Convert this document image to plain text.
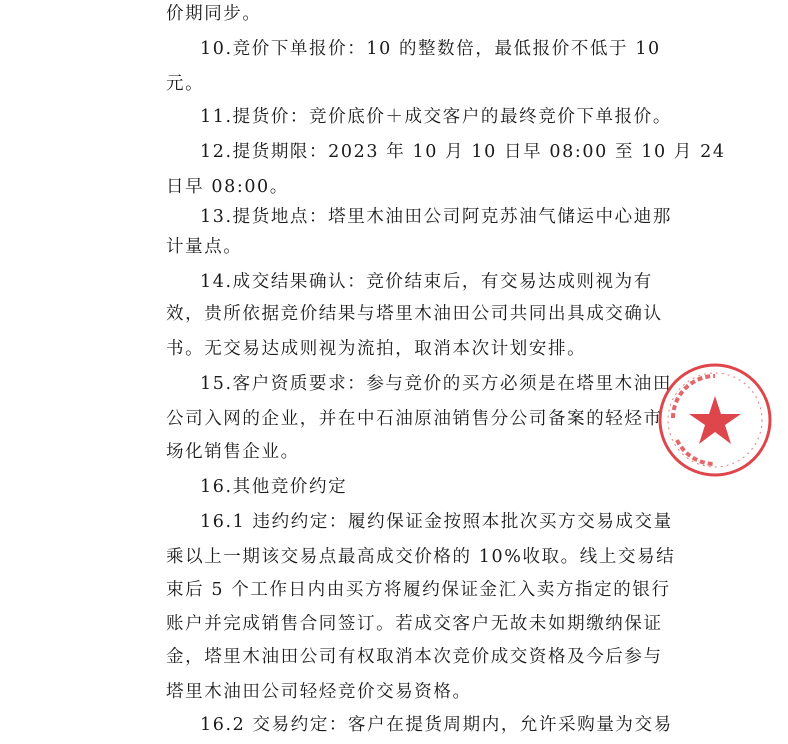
价期同步。
10.竞价下单报价：10 的整数倍，最低报价不低于 10
元。
11.提货价：竞价底价＋成交客户的最终竞价下单报价。
12.提货期限：2023 年 10 月 10 日早 08:00 至 10 月 24
日早 08:00。
13.提货地点：塔里木油田公司阿克苏油气储运中心迪那
计量点。
14.成交结果确认：竞价结束后，有交易达成则视为有
效，贵所依据竞价结果与塔里木油田公司共同出具成交确认
书。无交易达成则视为流拍，取消本次计划安排。
15.客户资质要求：参与竞价的买方必须是在塔里木油田
公司入网的企业，并在中石油原油销售分公司备案的轻烃市
场化销售企业。
16.其他竞价约定
16.1 违约约定：履约保证金按照本批次买方交易成交量
乘以上一期该交易点最高成交价格的 10%收取。线上交易结
束后 5 个工作日内由买方将履约保证金汇入卖方指定的银行
账户并完成销售合同签订。若成交客户无故未如期缴纳保证
金，塔里木油田公司有权取消本次竞价成交资格及今后参与
塔里木油田公司轻烃竞价交易资格。
16.2 交易约定：客户在提货周期内，允许采购量为交易
